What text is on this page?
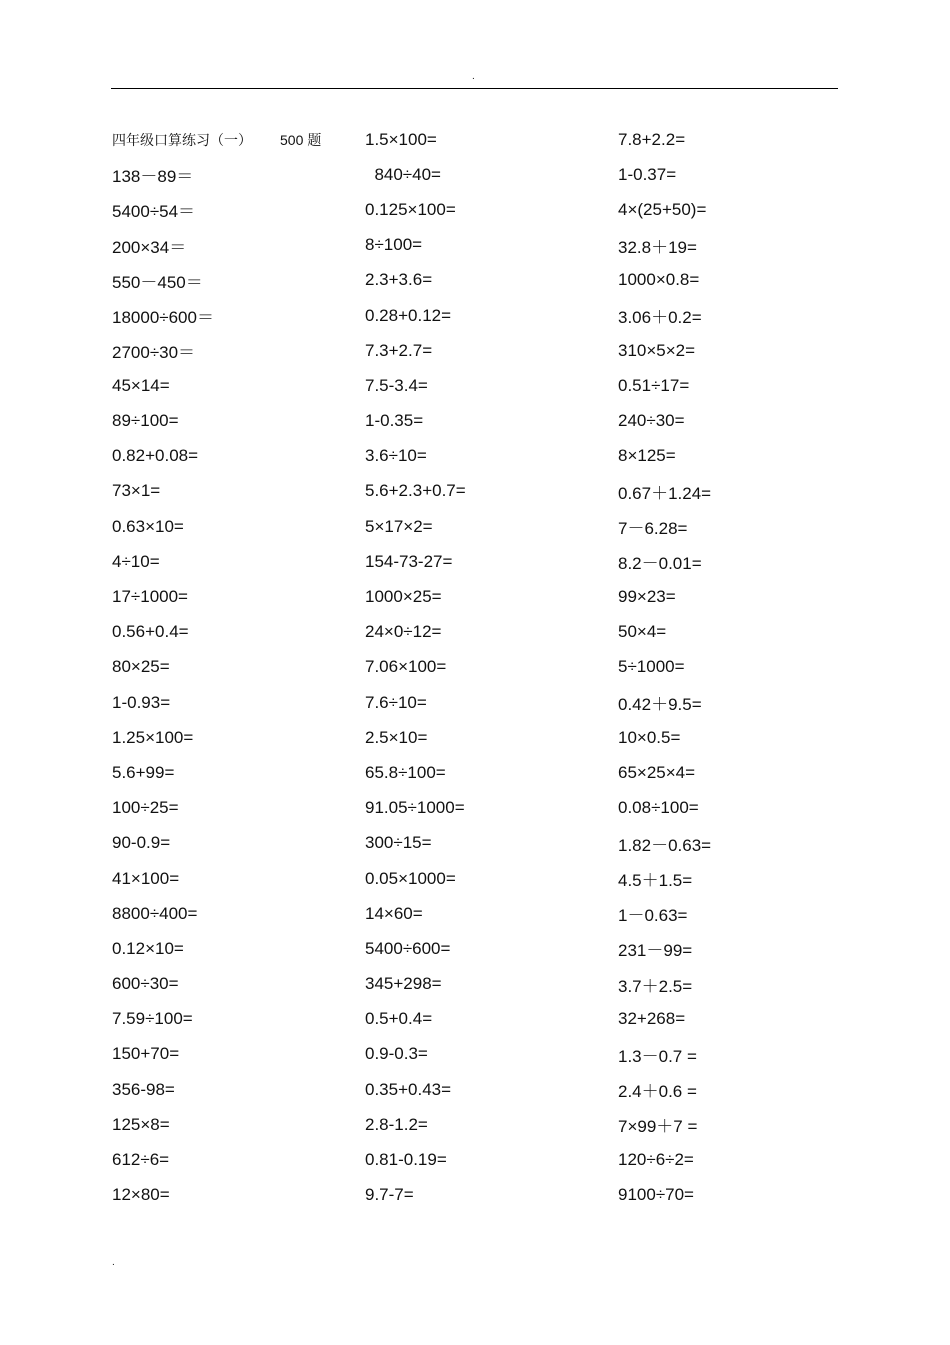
.
四年级口算练习（一） 500 题	1.5×100=	7.8+2.2=
138－89＝	840÷40=	1-0.37=
5400÷54＝	0.125×100=	4×(25+50)=
200×34＝	8÷100=	32.8＋19=
550－450＝	2.3+3.6=	1000×0.8=
18000÷600＝	0.28+0.12=	3.06＋0.2=
2700÷30＝	7.3+2.7=	310×5×2=
45×14=	7.5-3.4=	0.51÷17=
89÷100=	1-0.35=	240÷30=
0.82+0.08=	3.6÷10=	8×125=
73×1=	5.6+2.3+0.7=	0.67＋1.24=
0.63×10=	5×17×2=	7－6.28=
4÷10=	154-73-27=	8.2－0.01=
17÷1000=	1000×25=	99×23=
0.56+0.4=	24×0÷12=	50×4=
80×25=	7.06×100=	5÷1000=
1-0.93=	7.6÷10=	0.42＋9.5=
1.25×100=	2.5×10=	10×0.5=
5.6+99=	65.8÷100=	65×25×4=
100÷25=	91.05÷1000=	0.08÷100=
90-0.9=	300÷15=	1.82－0.63=
41×100=	0.05×1000=	4.5＋1.5=
8800÷400=	14×60=	1－0.63=
0.12×10=	5400÷600=	231－99=
600÷30=	345+298=	3.7＋2.5=
7.59÷100=	0.5+0.4=	32+268=
150+70=	0.9-0.3=	1.3－0.7 =
356-98=	0.35+0.43=	2.4＋0.6 =
125×8=	2.8-1.2=	7×99＋7 =
612÷6=	0.81-0.19=	120÷6÷2=
12×80=	9.7-7=	9100÷70=
.
